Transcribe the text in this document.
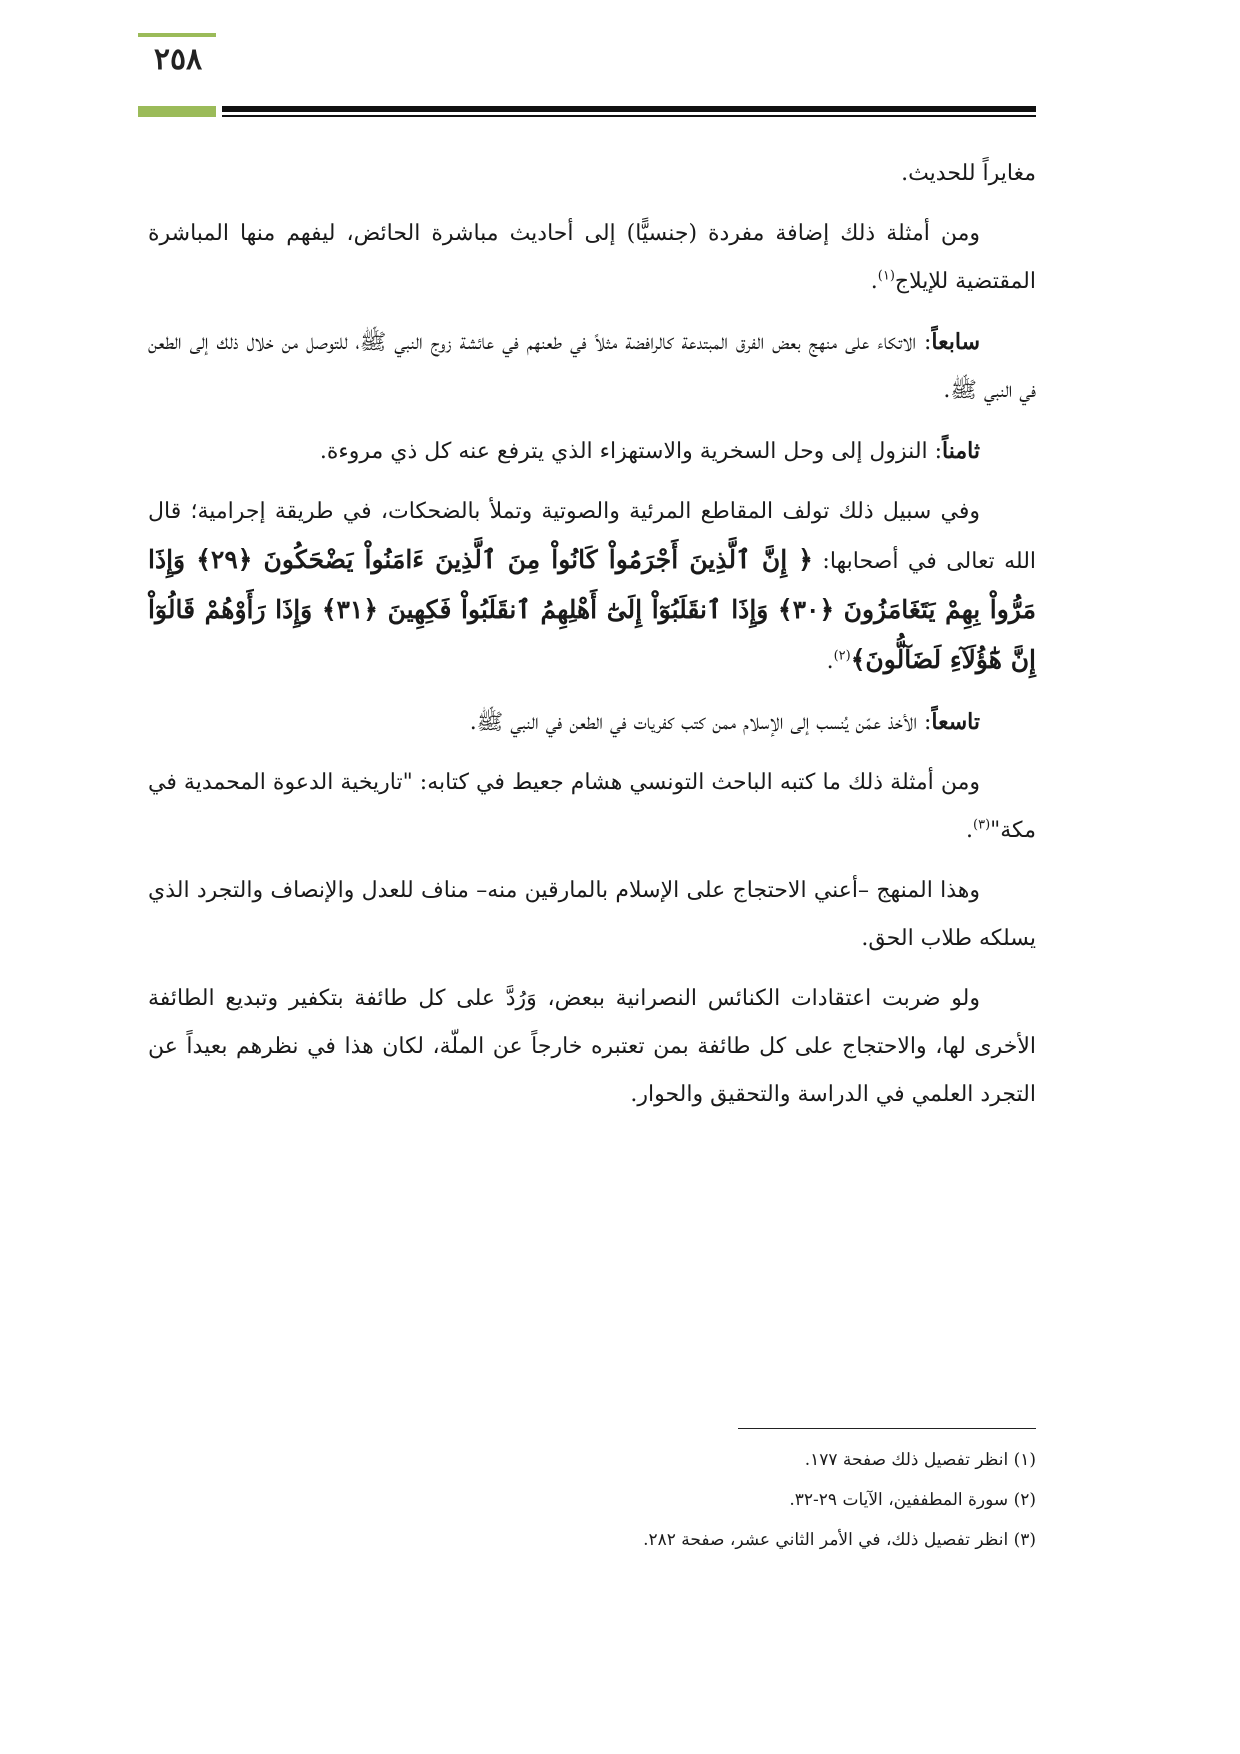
٢٥٨

مغايراً للحديث.

ومن أمثلة ذلك إضافة مفردة (جنسيًّا) إلى أحاديث مباشرة الحائض، ليفهم منها المباشرة المقتضية للإيلاج$^{(١)}$.

سابعاً: الاتكاء على منهج بعض الفرق المبتدعة كالرافضة مثلاً في طعنهم في عائشة زوج النبي ﷺ، للتوصل من خلال ذلك إلى الطعن في النبي ﷺ.

ثامناً: النزول إلى وحل السخرية والاستهزاء الذي يترفع عنه كل ذي مروءة.

وفي سبيل ذلك تولف المقاطع المرئية والصوتية وتملأ بالضحكات، في طريقة إجرامية؛ قال الله تعالى في أصحابها: ﴿ إِنَّ ٱلَّذِينَ أَجْرَمُواْ كَانُواْ مِنَ ٱلَّذِينَ ءَامَنُواْ يَضْحَكُونَ ﴿٢٩﴾ وَإِذَا مَرُّواْ بِهِمْ يَتَغَامَزُونَ ﴿٣٠﴾ وَإِذَا ٱنقَلَبُوٓاْ إِلَىٰٓ أَهْلِهِمُ ٱنقَلَبُواْ فَكِهِينَ ﴿٣١﴾ وَإِذَا رَأَوْهُمْ قَالُوٓاْ إِنَّ هَٰٓؤُلَآءِ لَضَآلُّونَ﴾$^{(٢)}$.

تاسعاً: الأخذ عمّن يُنسب إلى الإسلام ممن كتب كفريات في الطعن في النبي ﷺ.

ومن أمثلة ذلك ما كتبه الباحث التونسي هشام جعيط في كتابه: "تاريخية الدعوة المحمدية في مكة"$^{(٣)}$.

وهذا المنهج –أعني الاحتجاج على الإسلام بالمارقين منه– مناف للعدل والإنصاف والتجرد الذي يسلكه طلاب الحق.

ولو ضربت اعتقادات الكنائس النصرانية ببعض، وَرُدَّ على كل طائفة بتكفير وتبديع الطائفة الأخرى لها، والاحتجاج على كل طائفة بمن تعتبره خارجاً عن الملّة، لكان هذا في نظرهم بعيداً عن التجرد العلمي في الدراسة والتحقيق والحوار.

(١) انظر تفصيل ذلك صفحة ١٧٧.

(٢) سورة المطففين، الآيات ٢٩-٣٢.

(٣) انظر تفصيل ذلك، في الأمر الثاني عشر، صفحة ٢٨٢.
